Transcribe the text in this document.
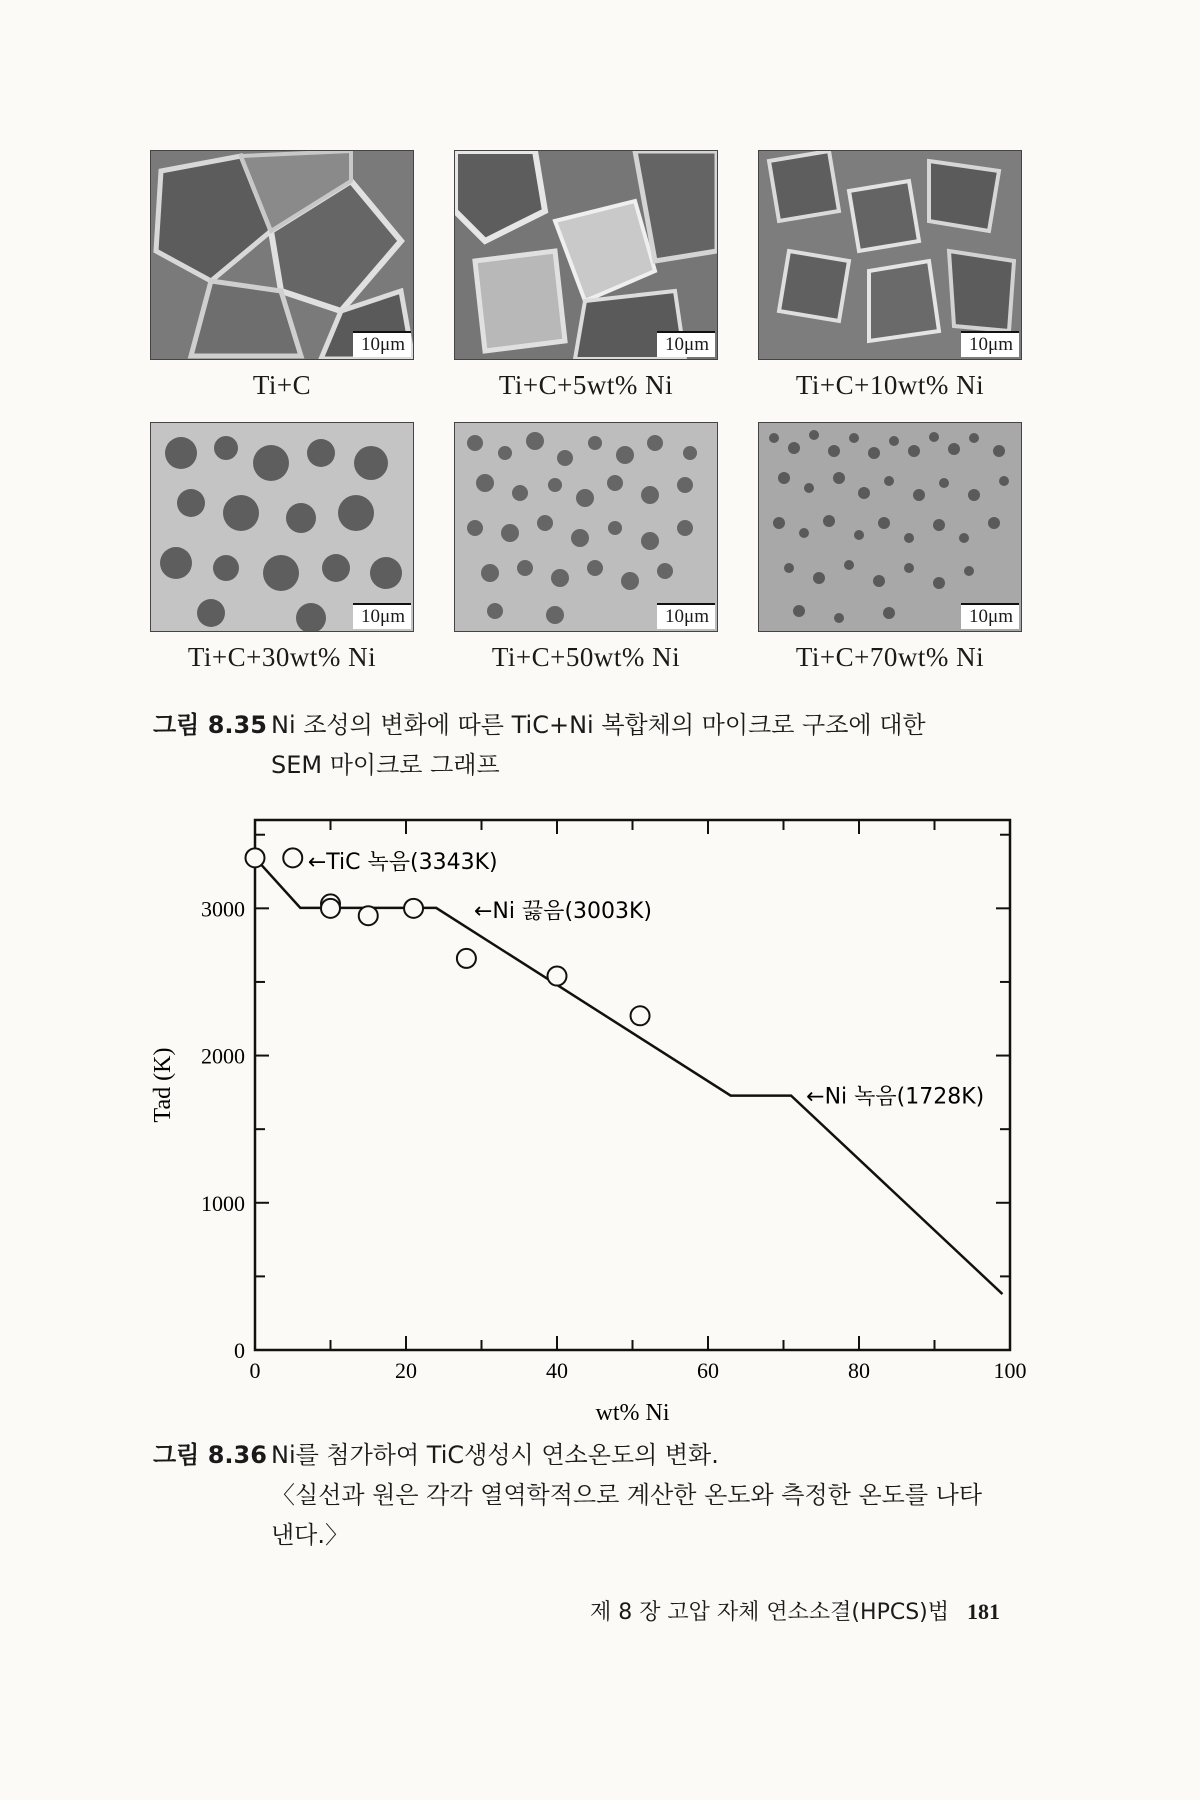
10μm
Ti+C
10μm
Ti+C+5wt% Ni
10μm
Ti+C+10wt% Ni
10μm
Ti+C+30wt% Ni
10μm
Ti+C+50wt% Ni
10μm
Ti+C+70wt% Ni
그림 8.35 Ni 조성의 변화에 따른 TiC+Ni 복합체의 마이크로 구조에 대한
SEM 마이크로 그래프
0	20	40	60	80	100
0
1000
2000
3000
←TiC 녹음(3343K)
←Ni 끓음(3003K)
←Ni 녹음(1728K)
wt% Ni
Tad (K)
그림 8.36 Ni를 첨가하여 TiC생성시 연소온도의 변화.
〈실선과 원은 각각 열역학적으로 계산한 온도와 측정한 온도를 나타
낸다.〉
제 8 장 고압 자체 연소소결(HPCS)법 181
